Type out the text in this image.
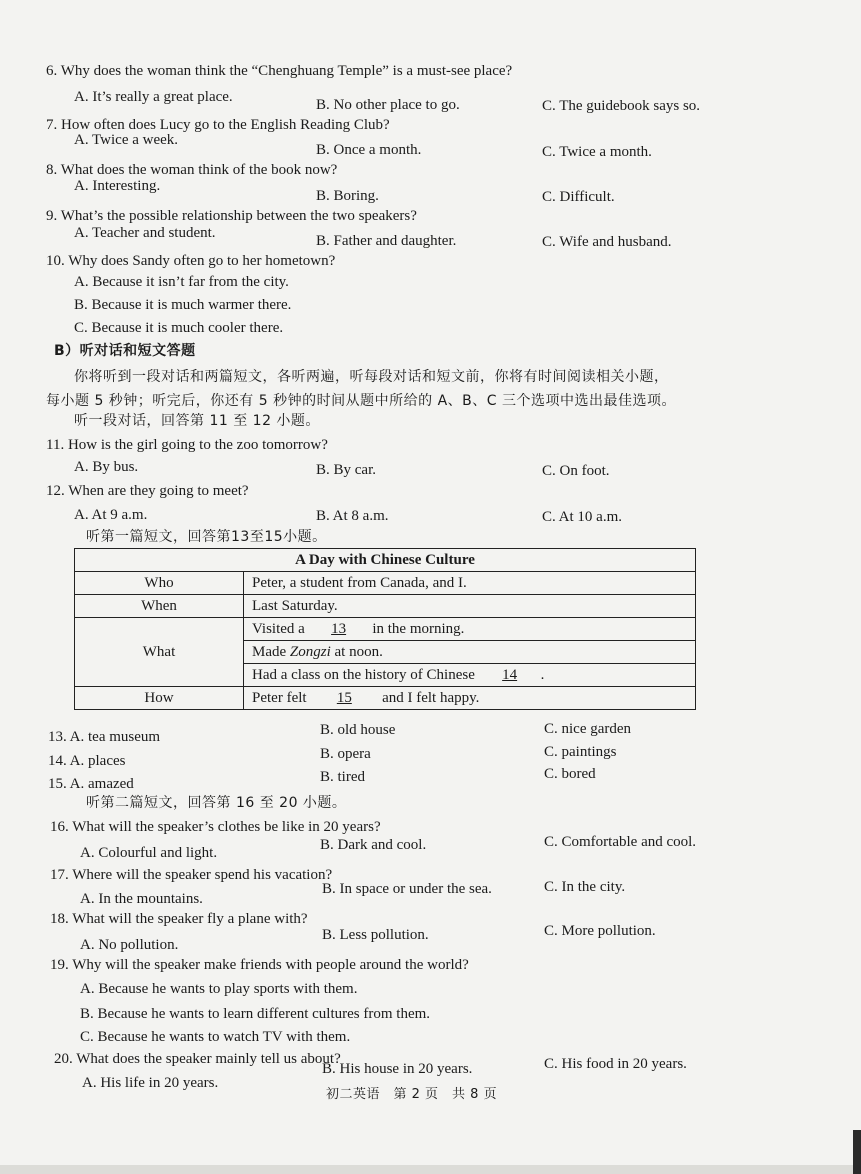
6. Why does the woman think the “Chenghuang Temple” is a must-see place?
A. It’s really a great place.	B. No other place to go.	C. The guidebook says so.
7. How often does Lucy go to the English Reading Club?
A. Twice a week.
B. Once a month.	C. Twice a month.
8. What does the woman think of the book now?
A. Interesting.
B. Boring.	C. Difficult.
9. What’s the possible relationship between the two speakers?
A. Teacher and student.	B. Father and daughter.	C. Wife and husband.
10. Why does Sandy often go to her hometown?
A. Because it isn’t far from the city.
B. Because it is much warmer there.
C. Because it is much cooler there.
B）听对话和短文答题
你将听到一段对话和两篇短文，各听两遍，听每段对话和短文前，你将有时间阅读相关小题，
每小题 5 秒钟；听完后，你还有 5 秒钟的时间从题中所给的 A、B、C 三个选项中选出最佳选项。
听一段对话，回答第 11 至 12 小题。
11. How is the girl going to the zoo tomorrow?
A. By bus.	B. By car.	C. On foot.
12. When are they going to meet?
A. At 9 a.m.	B. At 8 a.m.	C. At 10 a.m.
听第一篇短文，回答第13至15小题。
A Day with Chinese Culture	
Who	Peter, a student from Canada, and I.
When	Last Saturday.
What	Visited a 13 in the morning.
	Made Zongzi at noon.
	Had a class on the history of Chinese 14 .
How	Peter felt 15 and I felt happy.
13. A. tea museum	B. old house	C. nice garden
14. A. places	B. opera	C. paintings
15. A. amazed	B. tired	C. bored
听第二篇短文，回答第 16 至 20 小题。
16. What will the speaker’s clothes be like in 20 years?
A. Colourful and light.	B. Dark and cool.	C. Comfortable and cool.
17. Where will the speaker spend his vacation?
A. In the mountains.
B. In space or under the sea.	C. In the city.
18. What will the speaker fly a plane with?
A. No pollution.
B. Less pollution.	C. More pollution.
19. Why will the speaker make friends with people around the world?
A. Because he wants to play sports with them.
B. Because he wants to learn different cultures from them.
C. Because he wants to watch TV with them.
20. What does the speaker mainly tell us about?
A. His life in 20 years.
B. His house in 20 years.	C. His food in 20 years.
初二英语　第 2 页　共 8 页
